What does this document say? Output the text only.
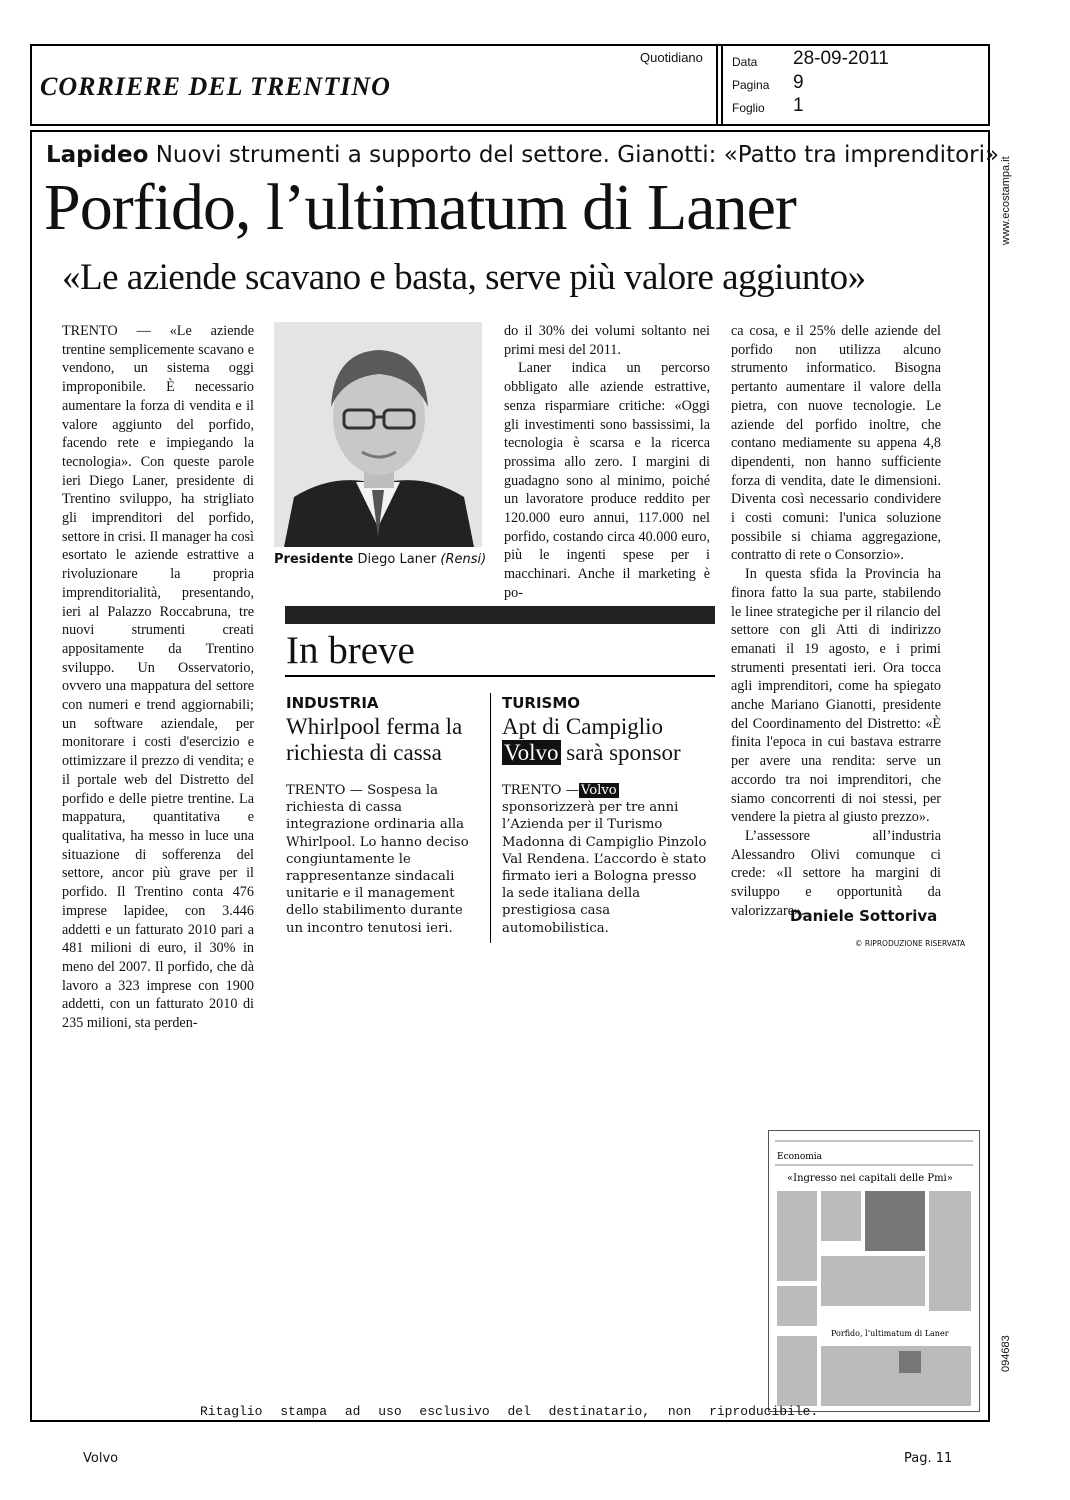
CORRIERE DEL TRENTINO
Quotidiano Data 28-09-2011
Pagina 9
Foglio 1
www.ecostampa.it
094683
Lapideo Nuovi strumenti a supporto del settore. Gianotti: «Patto tra imprenditori»
Porfido, l’ultimatum di Laner
«Le aziende scavano e basta, serve più valore aggiunto»

TRENTO — «Le aziende trentine semplicemente scavano e vendono, un sistema oggi improponibile. È necessario aumentare la forza di vendita e il valore aggiunto del porfido, facendo rete e impiegando la tecnologia». Con queste parole ieri Diego Laner, presidente di Trentino sviluppo, ha strigliato gli imprenditori del porfido, settore in crisi. Il manager ha così esortato le aziende estrattive a rivoluzionare la propria imprenditorialità, presentando, ieri al Palazzo Roccabruna, tre nuovi strumenti creati appositamente da Trentino sviluppo. Un Osservatorio, ovvero una mappatura del settore con numeri e trend aggiornabili; un software aziendale, per monitorare i costi d'esercizio e ottimizzare il prezzo di vendita; e il portale web del Distretto del porfido e delle pietre trentine. La mappatura, quantitativa e qualitativa, ha messo in luce una situazione di sofferenza del settore, ancor più grave per il porfido. Il Trentino conta 476 imprese lapidee, con 3.446 addetti e un fatturato 2010 pari a 481 milioni di euro, il 30% in meno del 2007. Il porfido, che dà lavoro a 323 imprese con 1900 addetti, con un fatturato 2010 di 235 milioni, sta perden-

Presidente Diego Laner (Rensi)

do il 30% dei volumi soltanto nei primi mesi del 2011.

Laner indica un percorso obbligato alle aziende estrattive, senza risparmiare critiche: «Oggi gli investimenti sono bassissimi, la tecnologia è scarsa e la ricerca prossima allo zero. I margini di guadagno sono al minimo, poiché un lavoratore produce reddito per 120.000 euro annui, 117.000 nel porfido, costando circa 40.000 euro, più le ingenti spese per i macchinari. Anche il marketing è po-

ca cosa, e il 25% delle aziende del porfido non utilizza alcuno strumento informatico. Bisogna pertanto aumentare il valore della pietra, con nuove tecnologie. Le aziende del porfido inoltre, che contano mediamente su appena 4,8 dipendenti, non hanno sufficiente forza di vendita, date le dimensioni. Diventa così necessario condividere i costi comuni: l'unica soluzione possibile si chiama aggregazione, contratto di rete o Consorzio».

In questa sfida la Provincia ha finora fatto la sua parte, stabilendo le linee strategiche per il rilancio del settore con gli Atti di indirizzo emanati il 19 agosto, e i primi strumenti presentati ieri. Ora tocca agli imprenditori, come ha spiegato anche Mariano Gianotti, presidente del Coordinamento del Distretto: «È finita l'epoca in cui bastava estrarre per avere una rendita: serve un accordo tra noi imprenditori, che siamo concorrenti di noi stessi, per vendere la pietra al giusto prezzo».

L’assessore all’industria Alessandro Olivi comunque ci crede: «Il settore ha margini di sviluppo e opportunità da valorizzare».

Daniele Sottoriva
© RIPRODUZIONE RISERVATA
In breve
INDUSTRIA
Whirlpool ferma la richiesta di cassa
TRENTO — Sospesa la richiesta di cassa integrazione ordinaria alla Whirlpool. Lo hanno deciso congiuntamente le rappresentanze sindacali unitarie e il management dello stabilimento durante un incontro tenutosi ieri.
TURISMO
Apt di Campiglio
Volvo sarà sponsor
TRENTO — Volvo sponsorizzerà per tre anni l’Azienda per il Turismo Madonna di Campiglio Pinzolo Val Rendena. L’accordo è stato firmato ieri a Bologna presso la sede italiana della prestigiosa casa automobilistica.
Economia
«Ingresso nei capitali delle Pmi»
Porfido, l’ultimatum di Laner
Ritaglio stampa ad uso esclusivo del destinatario, non riproducibile.
Volvo	Pag. 11
